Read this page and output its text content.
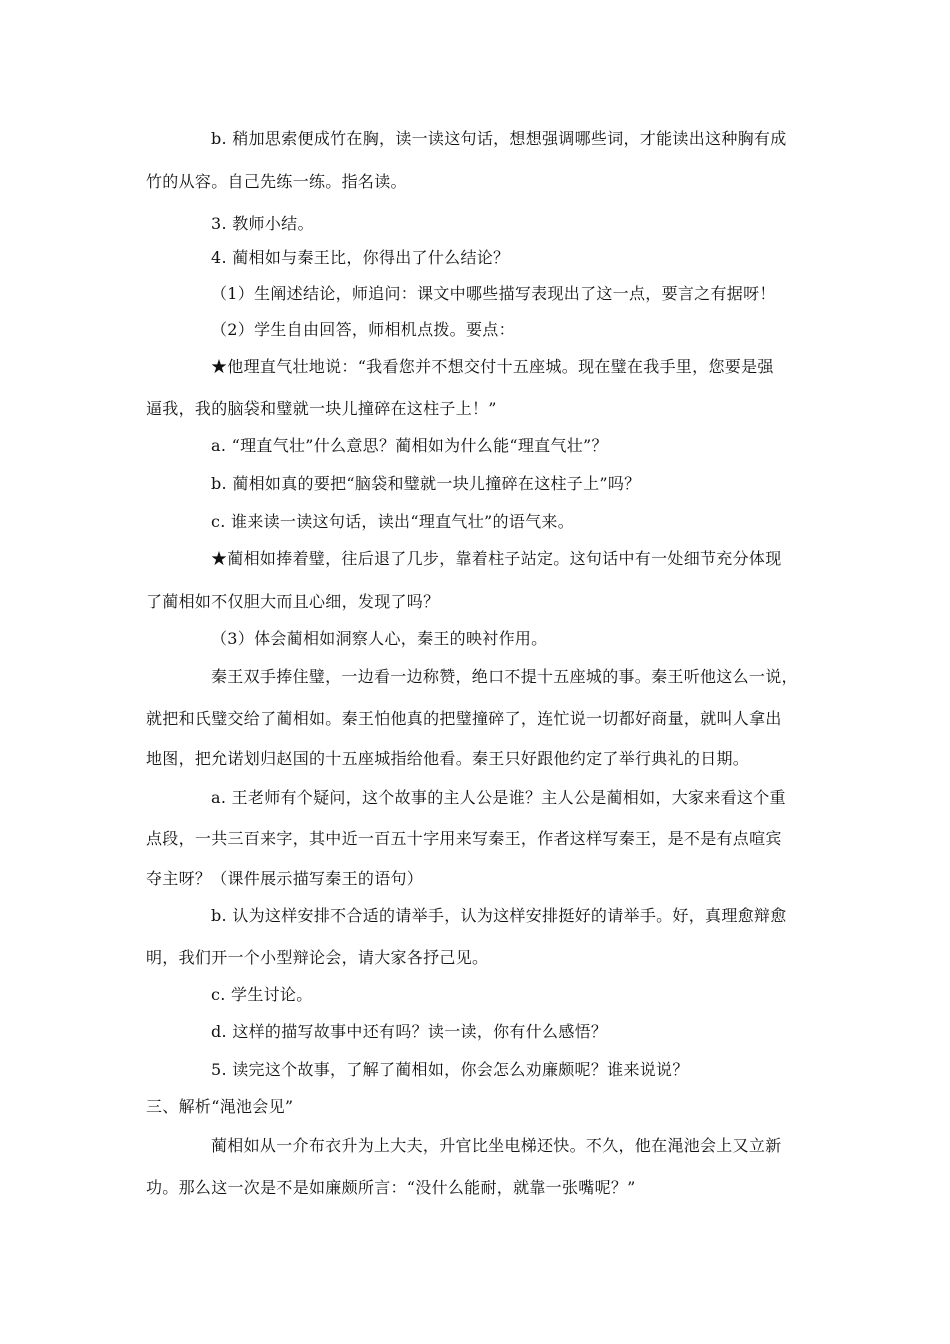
b. 稍加思索便成竹在胸，读一读这句话，想想强调哪些词，才能读出这种胸有成
竹的从容。自己先练一练。指名读。
3. 教师小结。
4. 蔺相如与秦王比，你得出了什么结论？
（1）生阐述结论，师追问：课文中哪些描写表现出了这一点，要言之有据呀！
（2）学生自由回答，师相机点拨。要点：
★他理直气壮地说：“我看您并不想交付十五座城。现在璧在我手里，您要是强
逼我，我的脑袋和璧就一块儿撞碎在这柱子上！”
a. “理直气壮”什么意思？蔺相如为什么能“理直气壮”？
b. 蔺相如真的要把“脑袋和璧就一块儿撞碎在这柱子上”吗？
c. 谁来读一读这句话，读出“理直气壮”的语气来。
★蔺相如捧着璧，往后退了几步，靠着柱子站定。这句话中有一处细节充分体现
了蔺相如不仅胆大而且心细，发现了吗？
（3）体会蔺相如洞察人心，秦王的映衬作用。
秦王双手捧住璧，一边看一边称赞，绝口不提十五座城的事。秦王听他这么一说，
就把和氏璧交给了蔺相如。秦王怕他真的把璧撞碎了，连忙说一切都好商量，就叫人拿出
地图，把允诺划归赵国的十五座城指给他看。秦王只好跟他约定了举行典礼的日期。
a. 王老师有个疑问，这个故事的主人公是谁？主人公是蔺相如，大家来看这个重
点段，一共三百来字，其中近一百五十字用来写秦王，作者这样写秦王，是不是有点喧宾
夺主呀？（课件展示描写秦王的语句）
b. 认为这样安排不合适的请举手，认为这样安排挺好的请举手。好，真理愈辩愈
明，我们开一个小型辩论会，请大家各抒己见。
c. 学生讨论。
d. 这样的描写故事中还有吗？读一读，你有什么感悟？
5. 读完这个故事，了解了蔺相如，你会怎么劝廉颇呢？谁来说说？
三、解析“渑池会见”
蔺相如从一介布衣升为上大夫，升官比坐电梯还快。不久，他在渑池会上又立新
功。那么这一次是不是如廉颇所言：“没什么能耐，就靠一张嘴呢？”
